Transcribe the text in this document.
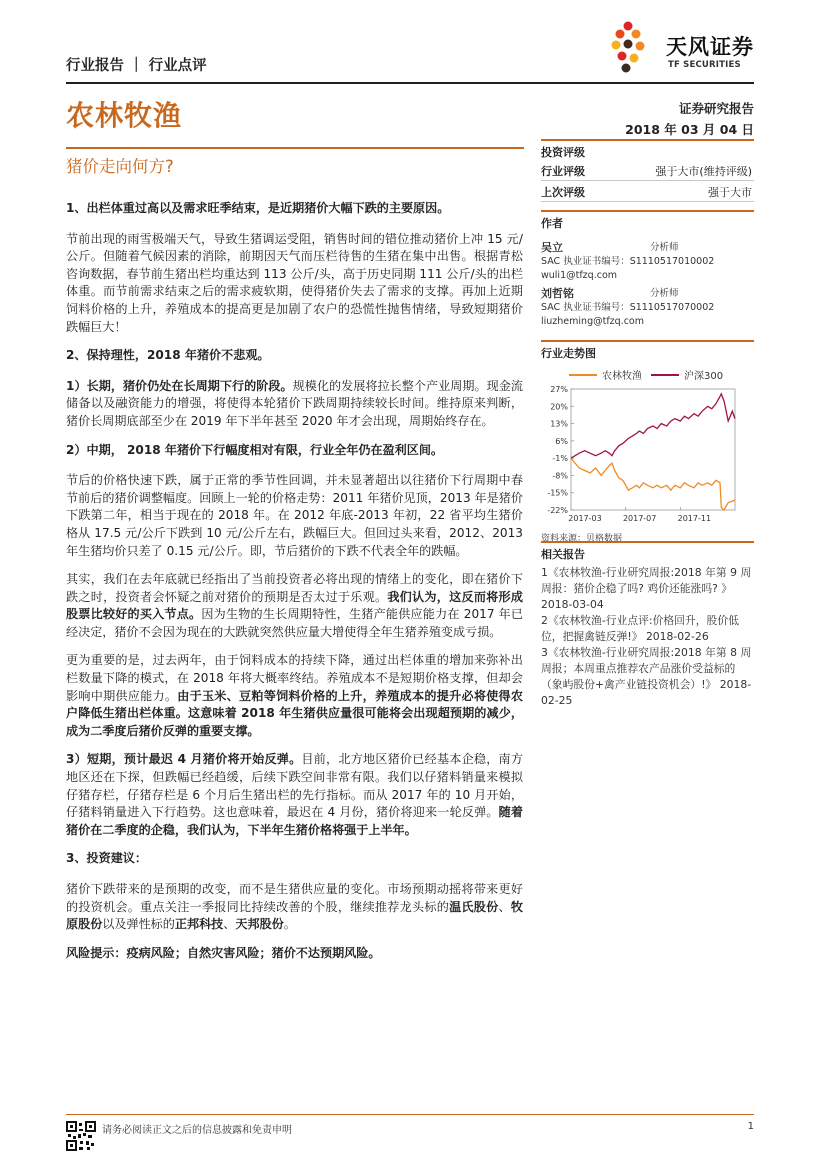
天风证券
TF SECURITIES
行业报告 ｜ 行业点评
农林牧渔	证券研究报告
2018 年 03 月 04 日
猪价走向何方?

1、出栏体重过高以及需求旺季结束，是近期猪价大幅下跌的主要原因。

节前出现的雨雪极端天气，导致生猪调运受阻，销售时间的错位推动猪价上冲 15 元/公斤。但随着气候因素的消除，前期因天气而压栏待售的生猪在集中出售。根据青松咨询数据，春节前生猪出栏均重达到 113 公斤/头，高于历史同期 111 公斤/头的出栏体重。而节前需求结束之后的需求疲软期，使得猪价失去了需求的支撑。再加上近期饲料价格的上升，养殖成本的提高更是加剧了农户的恐慌性抛售情绪，导致短期猪价跌幅巨大！

2、保持理性，2018 年猪价不悲观。

1）长期，猪价仍处在长周期下行的阶段。规模化的发展将拉长整个产业周期。现金流储备以及融资能力的增强，将使得本轮猪价下跌周期持续较长时间。维持原来判断，猪价长周期底部至少在 2019 年下半年甚至 2020 年才会出现，周期始终存在。

2）中期， 2018 年猪价下行幅度相对有限，行业全年仍在盈利区间。

节后的价格快速下跌，属于正常的季节性回调，并未显著超出以往猪价下行周期中春节前后的猪价调整幅度。回顾上一轮的价格走势：2011 年猪价见顶，2013 年是猪价下跌第二年，相当于现在的 2018 年。在 2012 年底-2013 年初，22 省平均生猪价格从 17.5 元/公斤下跌到 10 元/公斤左右，跌幅巨大。但回过头来看，2012、2013 年生猪均价只差了 0.15 元/公斤。即，节后猪价的下跌不代表全年的跌幅。

其实，我们在去年底就已经指出了当前投资者必将出现的情绪上的变化，即在猪价下跌之时，投资者会怀疑之前对猪价的预期是否太过于乐观。我们认为，这反而将形成股票比较好的买入节点。因为生物的生长周期特性，生猪产能供应能力在 2017 年已经决定，猪价不会因为现在的大跌就突然供应量大增使得全年生猪养殖变成亏损。

更为重要的是，过去两年，由于饲料成本的持续下降，通过出栏体重的增加来弥补出栏数量下降的模式，在 2018 年将大概率终结。养殖成本不是短期价格支撑，但却会影响中期供应能力。由于玉米、豆粕等饲料价格的上升，养殖成本的提升必将使得农户降低生猪出栏体重。这意味着 2018 年生猪供应量很可能将会出现超预期的减少，成为二季度后猪价反弹的重要支撑。

3）短期，预计最迟 4 月猪价将开始反弹。目前，北方地区猪价已经基本企稳，南方地区还在下探，但跌幅已经趋缓，后续下跌空间非常有限。我们以仔猪料销量来模拟仔猪存栏，仔猪存栏是 6 个月后生猪出栏的先行指标。而从 2017 年的 10 月开始，仔猪料销量进入下行趋势。这也意味着，最迟在 4 月份，猪价将迎来一轮反弹。随着猪价在二季度的企稳，我们认为，下半年生猪价格将强于上半年。

3、投资建议：

猪价下跌带来的是预期的改变，而不是生猪供应量的变化。市场预期动摇将带来更好的投资机会。重点关注一季报同比持续改善的个股，继续推荐龙头标的温氏股份、牧原股份以及弹性标的正邦科技、天邦股份。

风险提示：疫病风险；自然灾害风险；猪价不达预期风险。

投资评级
行业评级	强于大市(维持评级)
上次评级	强于大市
作者
吴立	分析师
SAC 执业证书编号：S1110517010002
wuli1@tfzq.com
刘哲铭	分析师
SAC 执业证书编号：S1110517070002
liuzheming@tfzq.com
行业走势图
农林牧渔	沪深300
27%
20%
13%
6%
-1%
-8%
-15%
-22%
2017-03	2017-07	2017-11
资料来源：贝格数据
相关报告

1《农林牧渔-行业研究周报:2018 年第 9 周周报：猪价企稳了吗? 鸡价还能涨吗? 》 2018-03-04

2《农林牧渔-行业点评:价格回升，股价低位，把握禽链反弹!》 2018-02-26

3《农林牧渔-行业研究周报:2018 年第 8 周周报；本周重点推荐农产品涨价受益标的（象屿股份+禽产业链投资机会）!》 2018-02-25

请务必阅读正文之后的信息披露和免责申明	1
